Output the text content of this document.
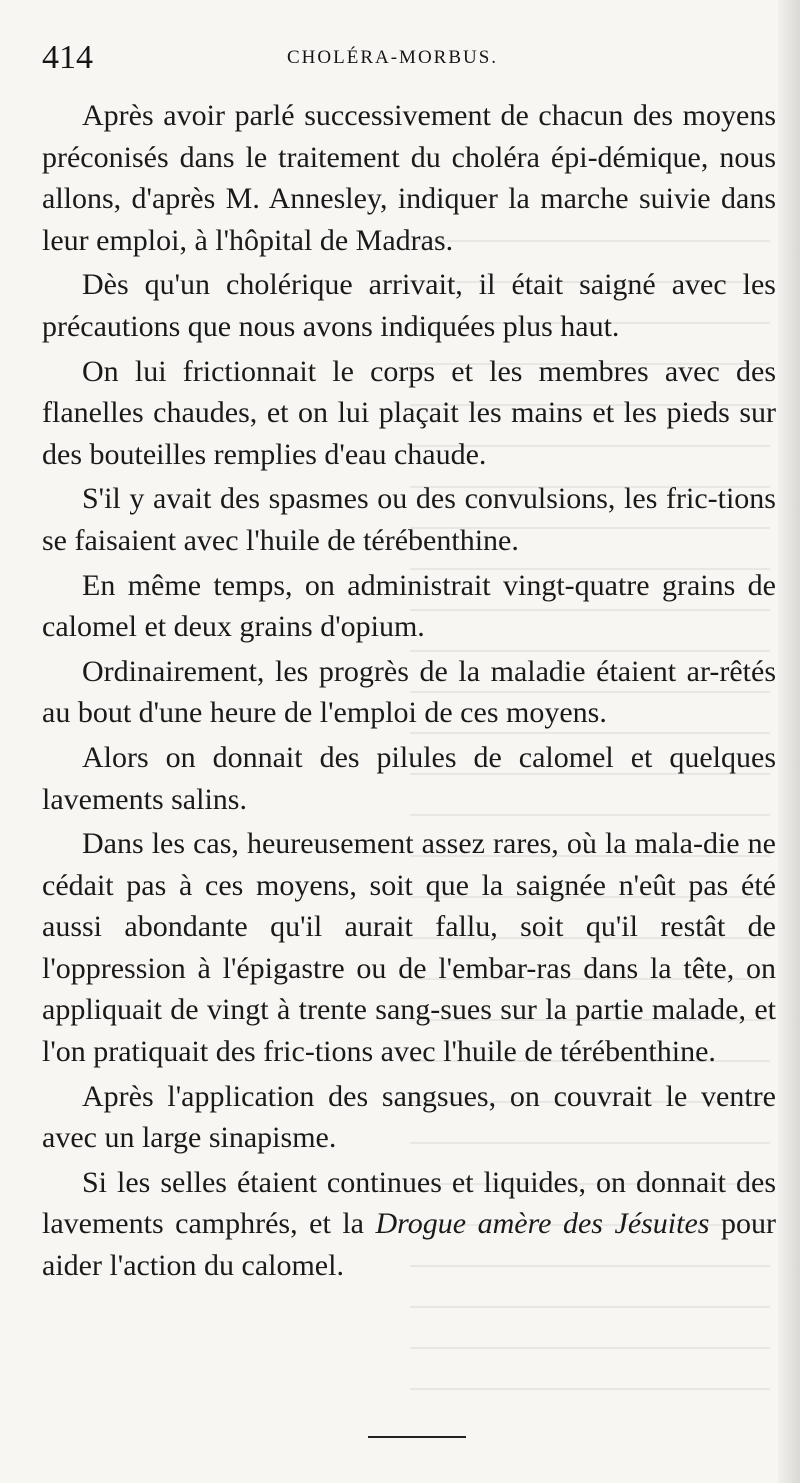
414	CHOLÉRA-MORBUS.

Après avoir parlé successivement de chacun des moyens préconisés dans le traitement du choléra épi-démique, nous allons, d'après M. Annesley, indiquer la marche suivie dans leur emploi, à l'hôpital de Madras.

Dès qu'un cholérique arrivait, il était saigné avec les précautions que nous avons indiquées plus haut.

On lui frictionnait le corps et les membres avec des flanelles chaudes, et on lui plaçait les mains et les pieds sur des bouteilles remplies d'eau chaude.

S'il y avait des spasmes ou des convulsions, les fric-tions se faisaient avec l'huile de térébenthine.

En même temps, on administrait vingt-quatre grains de calomel et deux grains d'opium.

Ordinairement, les progrès de la maladie étaient ar-rêtés au bout d'une heure de l'emploi de ces moyens.

Alors on donnait des pilules de calomel et quelques lavements salins.

Dans les cas, heureusement assez rares, où la mala-die ne cédait pas à ces moyens, soit que la saignée n'eût pas été aussi abondante qu'il aurait fallu, soit qu'il restât de l'oppression à l'épigastre ou de l'embar-ras dans la tête, on appliquait de vingt à trente sang-sues sur la partie malade, et l'on pratiquait des fric-tions avec l'huile de térébenthine.

Après l'application des sangsues, on couvrait le ventre avec un large sinapisme.

Si les selles étaient continues et liquides, on donnait des lavements camphrés, et la Drogue amère des Jésuites pour aider l'action du calomel.
